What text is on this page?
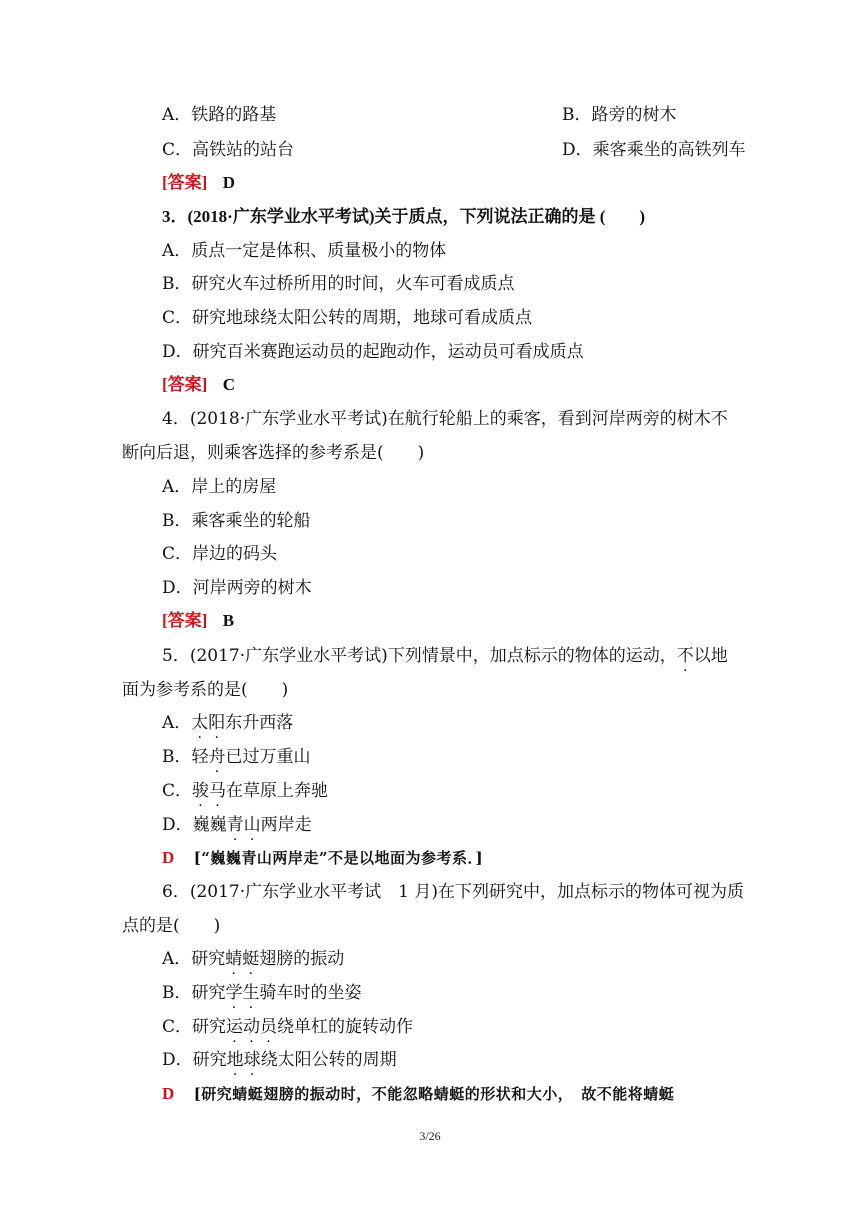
A．铁路的路基	B．路旁的树木
C．高铁站的站台	D．乘客乘坐的高铁列车
[答案] D
3．(2018·广东学业水平考试)关于质点，下列说法正确的是 (　　)
A．质点一定是体积、质量极小的物体
B．研究火车过桥所用的时间，火车可看成质点
C．研究地球绕太阳公转的周期，地球可看成质点
D．研究百米赛跑运动员的起跑动作，运动员可看成质点
[答案] C
4．(2018·广东学业水平考试)在航行轮船上的乘客，看到河岸两旁的树木不
断向后退，则乘客选择的参考系是(　　)
A．岸上的房屋
B．乘客乘坐的轮船
C．岸边的码头
D．河岸两旁的树木
[答案] B
5．(2017·广东学业水平考试)下列情景中，加点标示的物体的运动，不以地
面为参考系的是(　　)
A．太阳东升西落
B．轻舟已过万重山
C．骏马在草原上奔驰
D．巍巍青山两岸走
D [“巍巍青山两岸走”不是以地面为参考系．]
6．(2017·广东学业水平考试　1 月)在下列研究中，加点标示的物体可视为质
点的是(　　)
A．研究蜻蜓翅膀的振动
B．研究学生骑车时的坐姿
C．研究运动员绕单杠的旋转动作
D．研究地球绕太阳公转的周期
D [研究蜻蜓翅膀的振动时，不能忽略蜻蜓的形状和大小，　故不能将蜻蜓
3/26
